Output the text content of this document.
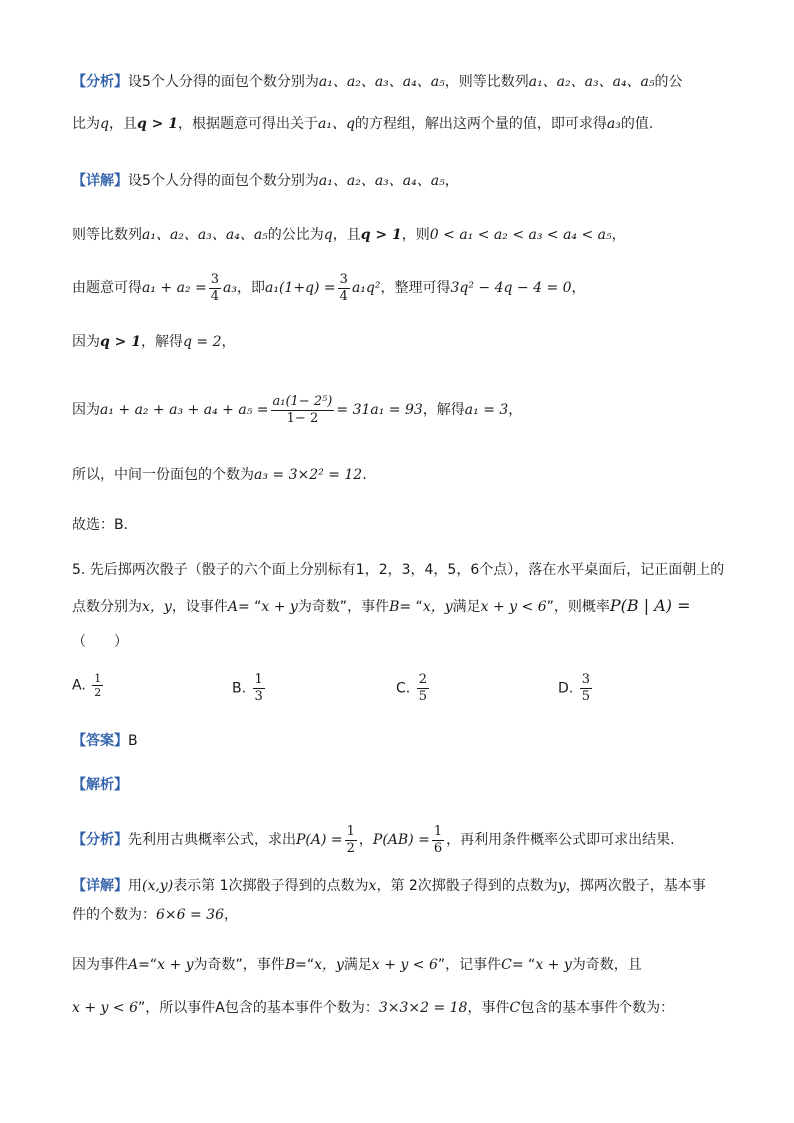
【分析】设5个人分得的面包个数分别为a₁、a₂、a₃、a₄、a₅，则等比数列a₁、a₂、a₃、a₄、a₅的公
比为q，且q > 1，根据题意可得出关于a₁、q的方程组，解出这两个量的值，即可求得a₃的值.
【详解】设5个人分得的面包个数分别为a₁、a₂、a₃、a₄、a₅，
则等比数列a₁、a₂、a₃、a₄、a₅的公比为q，且q > 1，则0 < a₁ < a₂ < a₃ < a₄ < a₅，
由题意可得$a_1 + a_2 = \frac{3}{4} a_3$，即$a_1(1+q) = \frac{3}{4} a_1q^2$，整理可得3q² − 4q − 4 = 0，
因为q > 1，解得q = 2，
因为$a_1 + a_2 + a_3 + a_4 + a_5 = \frac{\text{a₁(1− 2⁵)}}{1- 2} = 31a_1 = 93$，解得a₁ = 3，
所以，中间一份面包的个数为a₃ = 3×2² = 12.
故选：B.
5. 先后掷两次骰子（骰子的六个面上分别标有1，2，3，4，5，6个点），落在水平桌面后，记正面朝上的
点数分别为x，y，设事件A= “x + y为奇数”，事件B= “x，y满足x + y < 6”，则概率P(B | A) =
（　　）
A. $\frac{1}{2}$	B. $\frac{1}{3}$	C. $\frac{2}{5}$	D. $\frac{3}{5}$
【答案】B
【解析】
【分析】先利用古典概率公式，求出$P(A) = \frac{1}{2}$ ，$P(AB) = \frac{1}{6}$ ，再利用条件概率公式即可求出结果.
【详解】用(x,y)表示第 1次掷骰子得到的点数为x，第 2次掷骰子得到的点数为y，掷两次骰子，基本事
件的个数为：6×6 = 36，
因为事件A=“x + y为奇数”，事件B=“x，y满足x + y < 6”，记事件C= “x + y为奇数，且
x + y < 6”，所以事件A包含的基本事件个数为：3×3×2 = 18，事件C包含的基本事件个数为：
